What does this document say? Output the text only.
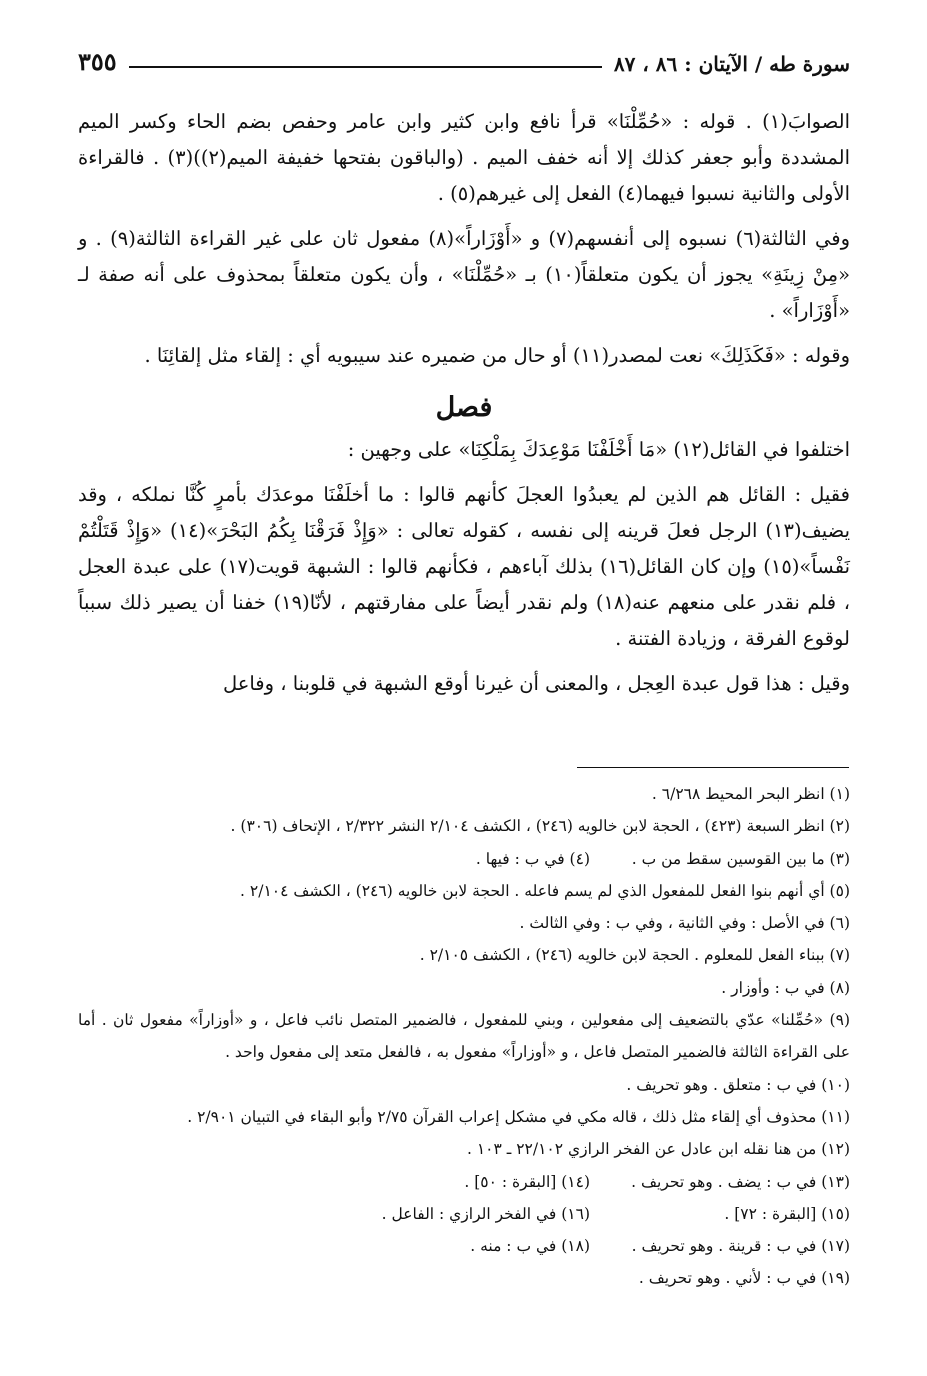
سورة طه / الآيتان : ٨٦ ، ٨٧
٣٥٥

الصوابَ(١) . قوله : «حُمِّلْنَا» قرأ نافع وابن كثير وابن عامر وحفص بضم الحاء وكسر الميم المشددة وأبو جعفر كذلك إلا أنه خفف الميم . (والباقون بفتحها خفيفة الميم(٢))(٣) . فالقراءة الأولى والثانية نسبوا فيهما(٤) الفعل إلى غيرهم(٥) .

وفي الثالثة(٦) نسبوه إلى أنفسهم(٧) و «أَوْزَاراً»(٨) مفعول ثان على غير القراءة الثالثة(٩) . و «مِنْ زِينَةِ» يجوز أن يكون متعلقاً(١٠) بـ «حُمِّلْنَا» ، وأن يكون متعلقاً بمحذوف على أنه صفة لـ «أَوْزَاراً» .

وقوله : «فَكَذَلِكَ» نعت لمصدر(١١) أو حال من ضميره عند سيبويه أي : إلقاء مثل إلقائِنَا .

فصل

اختلفوا في القائل(١٢) «مَا أَخْلَفْنَا مَوْعِدَكَ بِمَلْكِنَا» على وجهين :

فقيل : القائل هم الذين لم يعبدُوا العجلَ كأنهم قالوا : ما أخلَفْنَا موعدَك بأمرٍ كُنَّا نملكه ، وقد يضيف(١٣) الرجل فعلَ قرينه إلى نفسه ، كقوله تعالى : «وَإِذْ فَرَقْنَا بِكُمُ البَحْرَ»(١٤) «وَإِذْ قَتَلْتُمْ نَفْساً»(١٥) وإن كان القائل(١٦) بذلك آباءهم ، فكأنهم قالوا : الشبهة قويت(١٧) على عبدة العجل ، فلم نقدر على منعهم عنه(١٨) ولم نقدر أيضاً على مفارقتهم ، لأنّا(١٩) خفنا أن يصير ذلك سبباً لوقوع الفرقة ، وزيادة الفتنة .

وقيل : هذا قول عبدة العِجل ، والمعنى أن غيرنا أوقع الشبهة في قلوبنا ، وفاعل

(١) انظر البحر المحيط ٦/٢٦٨ .

(٢) انظر السبعة (٤٢٣) ، الحجة لابن خالويه (٢٤٦) ، الكشف ٢/١٠٤ النشر ٢/٣٢٢ ، الإتحاف (٣٠٦) .

(٣) ما بين القوسين سقط من ب .

(٤) في ب : فيها .

(٥) أي أنهم بنوا الفعل للمفعول الذي لم يسم فاعله . الحجة لابن خالويه (٢٤٦) ، الكشف ٢/١٠٤ .

(٦) في الأصل : وفي الثانية ، وفي ب : وفي الثالث .

(٧) ببناء الفعل للمعلوم . الحجة لابن خالويه (٢٤٦) ، الكشف ٢/١٠٥ .

(٨) في ب : وأوزار .

(٩) «حُمِّلنا» عدّي بالتضعيف إلى مفعولين ، وبني للمفعول ، فالضمير المتصل نائب فاعل ، و «أوزاراً» مفعول ثان . أما على القراءة الثالثة فالضمير المتصل فاعل ، و «أوزاراً» مفعول به ، فالفعل متعد إلى مفعول واحد .

(١٠) في ب : متعلق . وهو تحريف .

(١١) محذوف أي إلقاء مثل ذلك ، قاله مكي في مشكل إعراب القرآن ٢/٧٥ وأبو البقاء في التبيان ٢/٩٠١ .

(١٢) من هنا نقله ابن عادل عن الفخر الرازي ٢٢/١٠٢ ـ ١٠٣ .

(١٣) في ب : يضف . وهو تحريف .

(١٤) [البقرة : ٥٠] .

(١٥) [البقرة : ٧٢] .

(١٦) في الفخر الرازي : الفاعل .

(١٧) في ب : قرينة . وهو تحريف .

(١٨) في ب : منه .

(١٩) في ب : لأني . وهو تحريف .
